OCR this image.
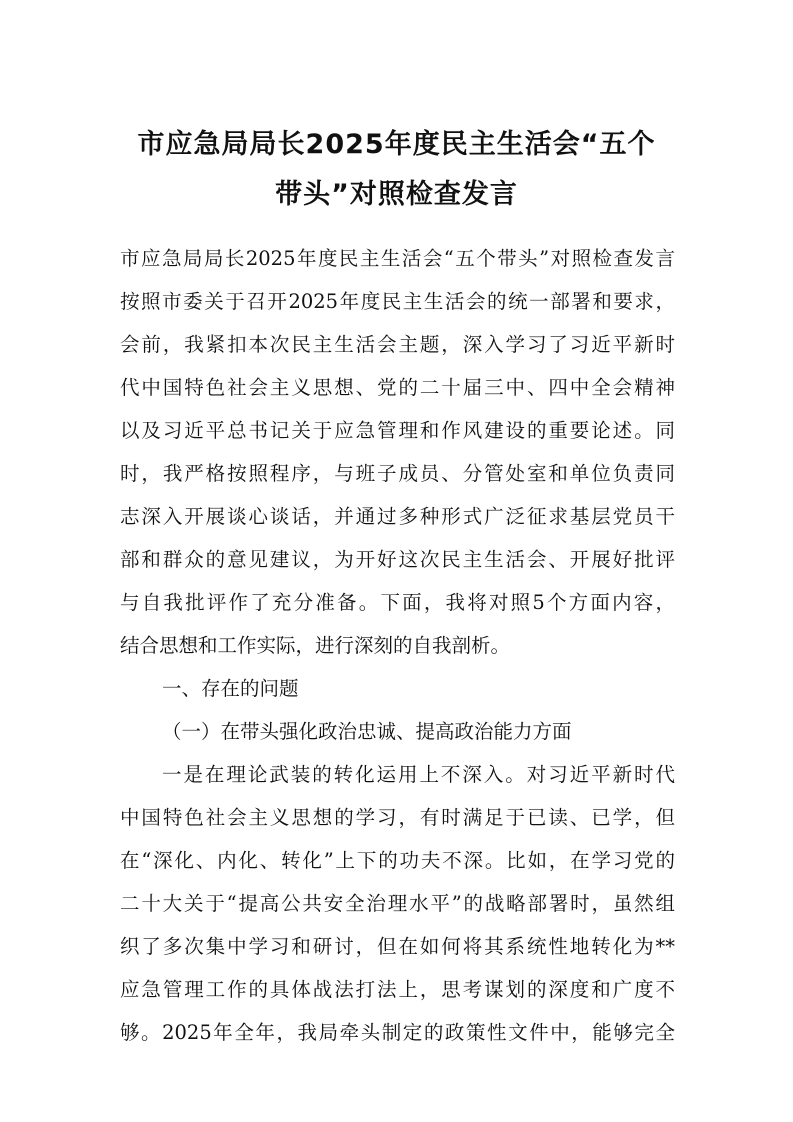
市应急局局长2025年度民主生活会“五个
带头”对照检查发言

市应急局局长2025年度民主生活会“五个带头”对照检查发言

按照市委关于召开2025年度民主生活会的统一部署和要求，

会前，我紧扣本次民主生活会主题，深入学习了习近平新时

代中国特色社会主义思想、党的二十届三中、四中全会精神

以及习近平总书记关于应急管理和作风建设的重要论述。同

时，我严格按照程序，与班子成员、分管处室和单位负责同

志深入开展谈心谈话，并通过多种形式广泛征求基层党员干

部和群众的意见建议，为开好这次民主生活会、开展好批评

与自我批评作了充分准备。下面，我将对照5个方面内容，

结合思想和工作实际，进行深刻的自我剖析。

一、存在的问题

（一）在带头强化政治忠诚、提高政治能力方面

一是在理论武装的转化运用上不深入。对习近平新时代

中国特色社会主义思想的学习，有时满足于已读、已学，但

在“深化、内化、转化”上下的功夫不深。比如，在学习党的

二十大关于“提高公共安全治理水平”的战略部署时，虽然组

织了多次集中学习和研讨，但在如何将其系统性地转化为**

应急管理工作的具体战法打法上，思考谋划的深度和广度不

够。2025年全年，我局牵头制定的政策性文件中，能够完全
